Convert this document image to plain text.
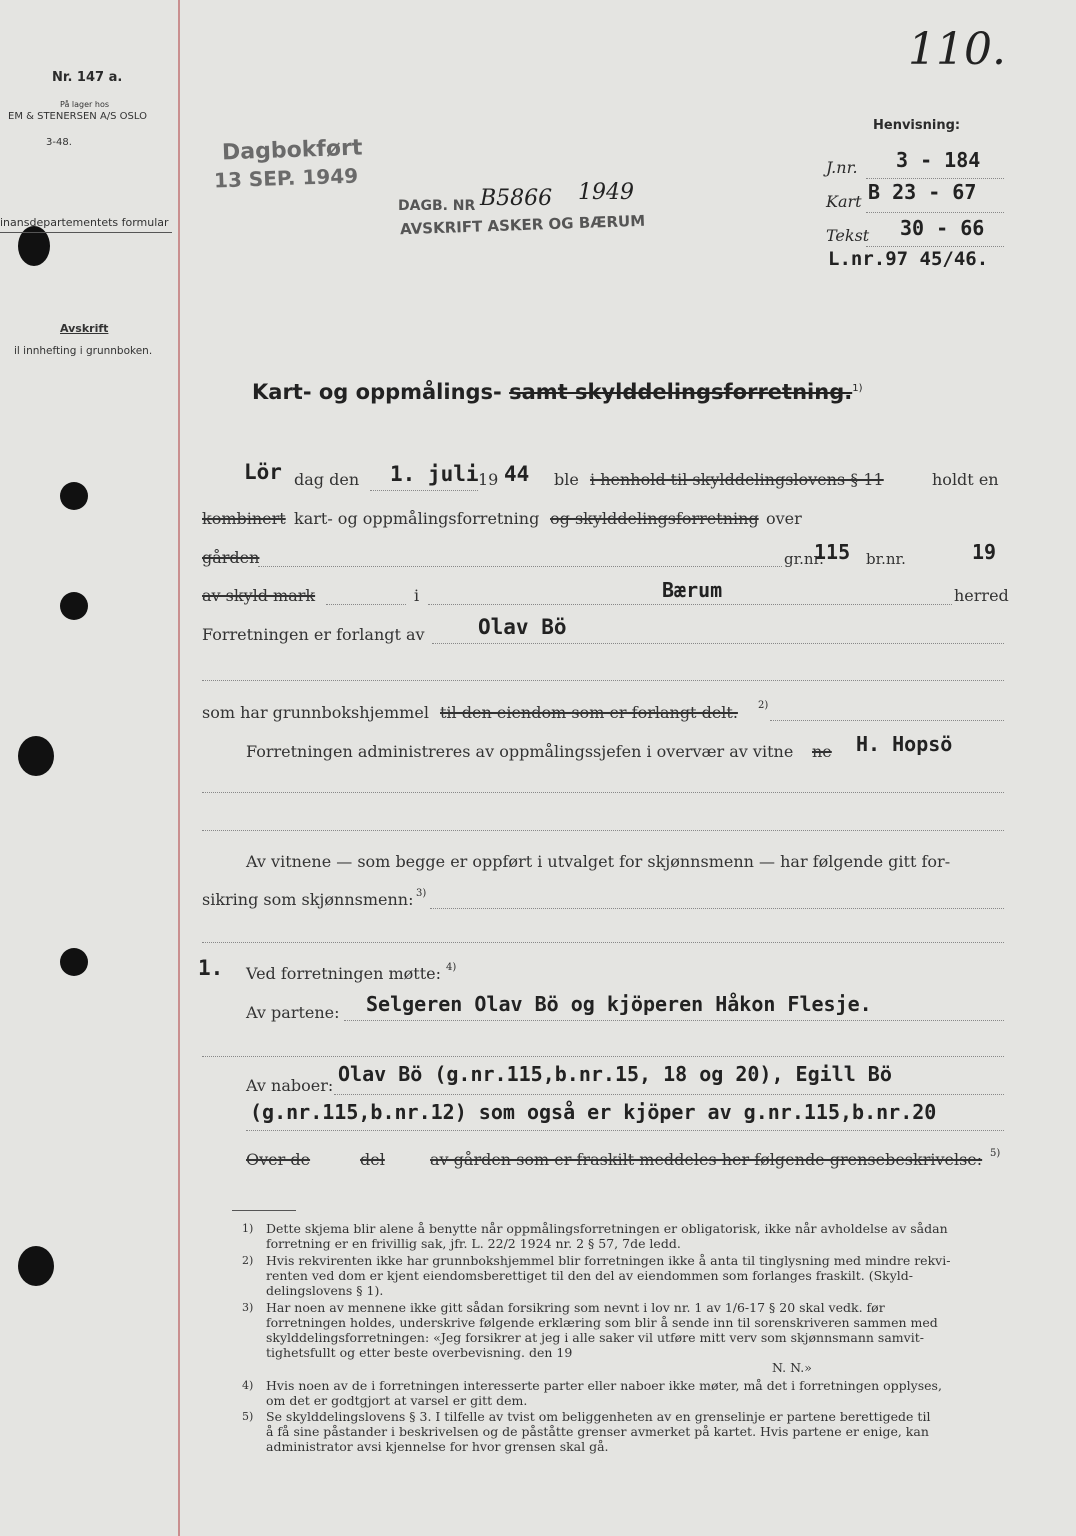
Nr. 147 a.
På lager hos
EM & STENERSEN A/S OSLO
3-48.
inansdepartementets formular
Avskrift
il innhefting i grunnboken.
110.
Dagbokført
13 SEP. 1949
DAGB. NR B5866 1949
AVSKRIFT ASKER OG BÆRUM
Henvisning:
J.nr. 3 - 184
Kart B 23 - 67
Tekst 30 - 66
L.nr.97 45/46.
Kart- og oppmålings- samt skylddelingsforretning.$^{1)}$
Lör dag den 1. juli 19 44 ble i henhold til skylddelingslovens § 11	holdt en
kombinert kart- og oppmålingsforretning og skylddelingsforretning over
gården	gr.nr.
115 br.nr.	19
av skyld mark	i	Bærum	herred
Forretningen er forlangt av	Olav Bö
som har grunnbokshjemmel til den eiendom som er forlangt delt. 2)
Forretningen administreres av oppmålingssjefen i overvær av vitne ne H. Hopsö
Av vitnene — som begge er oppført i utvalget for skjønnsmenn — har følgende gitt for-
sikring som skjønnsmenn: 3)
1. Ved forretningen møtte: 4)
Av partene: Selgeren Olav Bö og kjöperen Håkon Flesje.
Av naboer: Olav Bö (g.nr.115,b.nr.15, 18 og 20), Egill Bö
(g.nr.115,b.nr.12) som også er kjöper av g.nr.115,b.nr.20
Over de	del	av gården som er fraskilt meddeles her følgende grensebeskrivelse: 5)
1) Dette skjema blir alene å benytte når oppmålingsforretningen er obligatorisk, ikke når avholdelse av sådan
forretning er en frivillig sak, jfr. L. 22/2 1924 nr. 2 § 57, 7de ledd.
2) Hvis rekvirenten ikke har grunnbokshjemmel blir forretningen ikke å anta til tinglysning med mindre rekvi-
renten ved dom er kjent eiendomsberettiget til den del av eiendommen som forlanges fraskilt. (Skyld-
delingslovens § 1).
3) Har noen av mennene ikke gitt sådan forsikring som nevnt i lov nr. 1 av 1/6-17 § 20 skal vedk. før
forretningen holdes, underskrive følgende erklæring som blir å sende inn til sorenskriveren sammen med
skylddelingsforretningen: «Jeg forsikrer at jeg i alle saker vil utføre mitt verv som skjønnsmann samvit-
tighetsfullt og etter beste overbevisning. den 19
N. N.»
4) Hvis noen av de i forretningen interesserte parter eller naboer ikke møter, må det i forretningen opplyses,
om det er godtgjort at varsel er gitt dem.
5) Se skylddelingslovens § 3. I tilfelle av tvist om beliggenheten av en grenselinje er partene berettigede til
å få sine påstander i beskrivelsen og de påståtte grenser avmerket på kartet. Hvis partene er enige, kan
administrator avsi kjennelse for hvor grensen skal gå.
